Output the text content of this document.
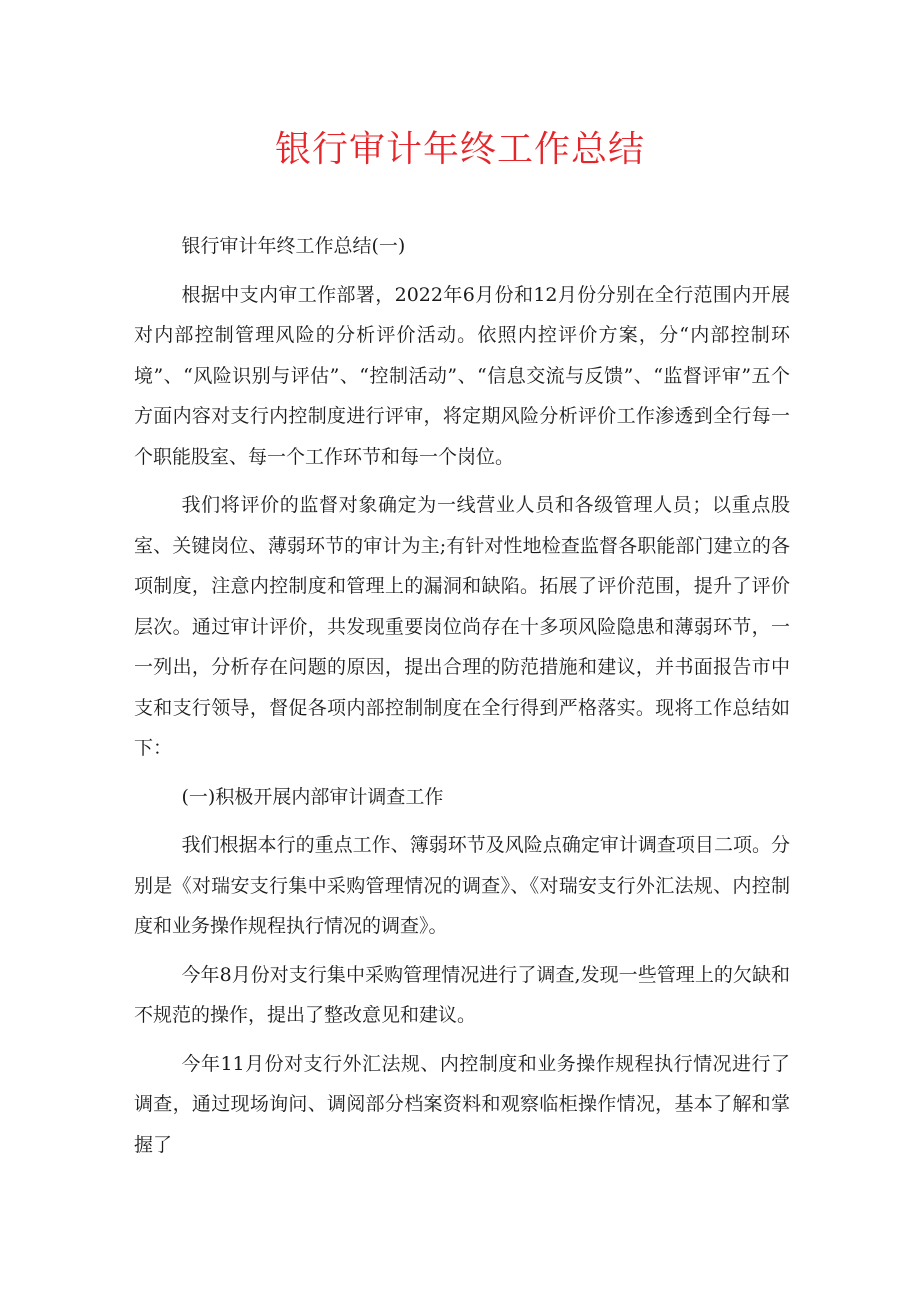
银行审计年终工作总结

银行审计年终工作总结(一)

根据中支内审工作部署，2022年6月份和12月份分别在全行范围内开展对内部控制管理风险的分析评价活动。依照内控评价方案，分“内部控制环境”、“风险识别与评估”、“控制活动”、“信息交流与反馈”、“监督评审”五个方面内容对支行内控制度进行评审，将定期风险分析评价工作渗透到全行每一个职能股室、每一个工作环节和每一个岗位。

我们将评价的监督对象确定为一线营业人员和各级管理人员；以重点股室、关键岗位、薄弱环节的审计为主;有针对性地检查监督各职能部门建立的各项制度，注意内控制度和管理上的漏洞和缺陷。拓展了评价范围，提升了评价层次。通过审计评价，共发现重要岗位尚存在十多项风险隐患和薄弱环节，一一列出，分析存在问题的原因，提出合理的防范措施和建议，并书面报告市中支和支行领导，督促各项内部控制制度在全行得到严格落实。现将工作总结如下：

(一)积极开展内部审计调查工作

我们根据本行的重点工作、簿弱环节及风险点确定审计调查项目二项。分别是《对瑞安支行集中采购管理情况的调查》、《对瑞安支行外汇法规、内控制度和业务操作规程执行情况的调查》。

今年8月份对支行集中采购管理情况进行了调查,发现一些管理上的欠缺和不规范的操作，提出了整改意见和建议。

今年11月份对支行外汇法规、内控制度和业务操作规程执行情况进行了调查，通过现场询问、调阅部分档案资料和观察临柜操作情况，基本了解和掌握了
